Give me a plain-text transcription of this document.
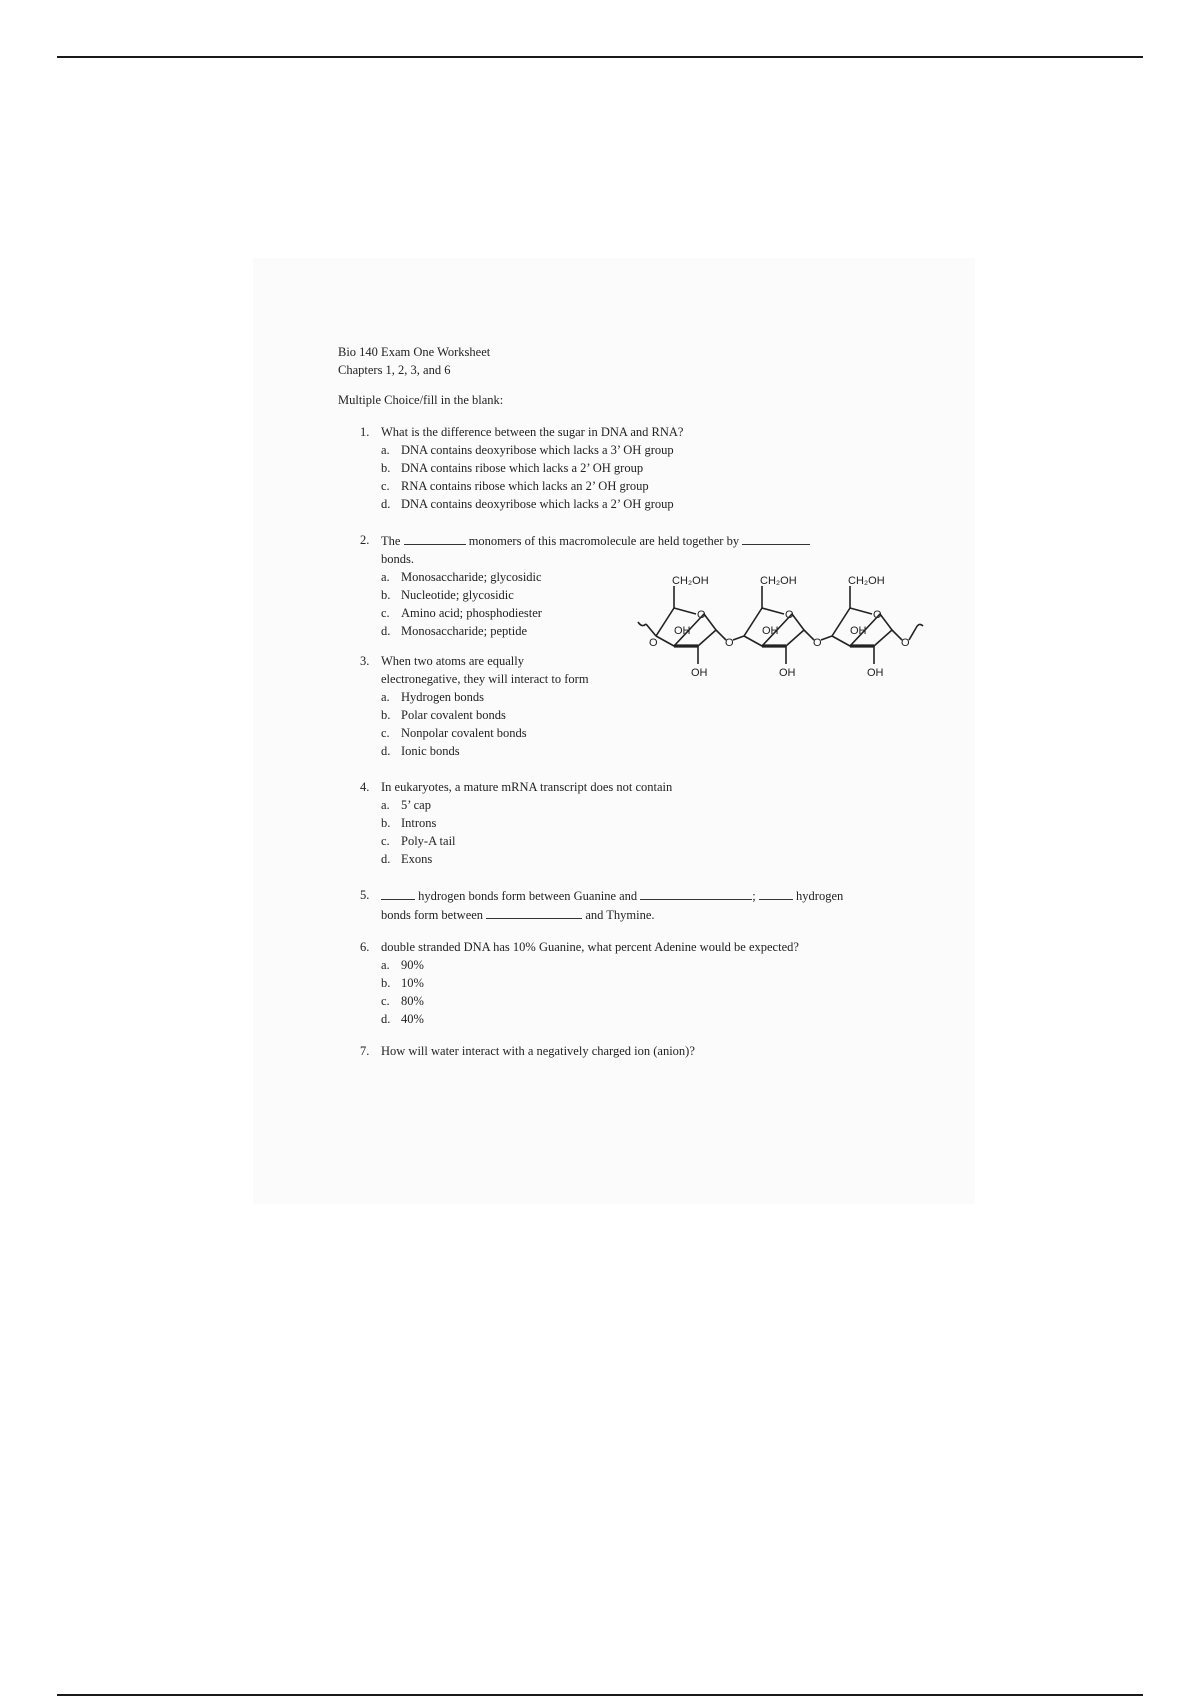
Bio 140 Exam One Worksheet

Chapters 1, 2, 3, and 6

Multiple Choice/fill in the blank:

1. What is the difference between the sugar in DNA and RNA?

a. DNA contains deoxyribose which lacks a 3’ OH group
b. DNA contains ribose which lacks a 2’ OH group
c. RNA contains ribose which lacks an 2’ OH group
d. DNA contains deoxyribose which lacks a 2’ OH group
2. The	monomers of this macromolecule are held together by
bonds.

a. Monosaccharide; glycosidic
b. Nucleotide; glycosidic
c. Amino acid; phosphodiester
d. Monosaccharide; peptide
3. When two atoms are equally

electronegative, they will interact to form

a. Hydrogen bonds
b. Polar covalent bonds
c. Nonpolar covalent bonds
d. Ionic bonds
4. In eukaryotes, a mature mRNA transcript does not contain

a. 5’ cap
b. Introns
c. Poly-A tail
d. Exons
5.	hydrogen bonds form between Guanine and	;	hydrogen
bonds form between	and Thymine.

6. double stranded DNA has 10% Guanine, what percent Adenine would be expected?

a. 90%
b. 10%
c. 80%
d. 40%
7. How will water interact with a negatively charged ion (anion)?

CH₂OH	CH₂OH	CH₂OH
O	O	O
OH	OH	OH
OH	OH	OH
O	O	O
O
